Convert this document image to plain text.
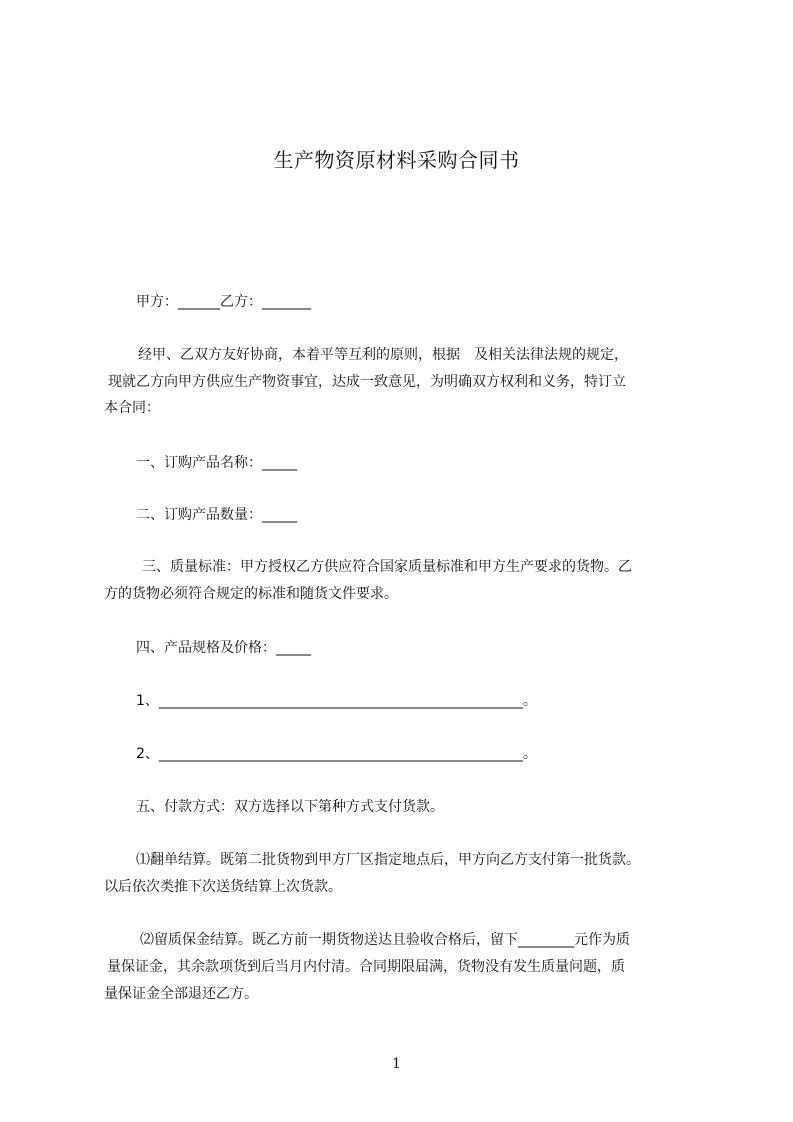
生产物资原材料采购合同书
甲方：______乙方：_______
经甲、乙双方友好协商，本着平等互利的原则，根据　及相关法律法规的规定，
现就乙方向甲方供应生产物资事宜，达成一致意见，为明确双方权利和义务，特订立
本合同：
一、订购产品名称：_____
二、订购产品数量：_____
三、质量标准：甲方授权乙方供应符合国家质量标准和甲方生产要求的货物。乙
方的货物必须符合规定的标准和随货文件要求。
四、产品规格及价格：_____
1、____________________________________________________。
2、____________________________________________________。
五、付款方式：双方选择以下第种方式支付货款。
⑴翻单结算。既第二批货物到甲方厂区指定地点后，甲方向乙方支付第一批货款。
以后依次类推下次送货结算上次货款。
⑵留质保金结算。既乙方前一期货物送达且验收合格后，留下________元作为质
量保证金，其余款项货到后当月内付清。合同期限届满，货物没有发生质量问题，质
量保证金全部退还乙方。
1
